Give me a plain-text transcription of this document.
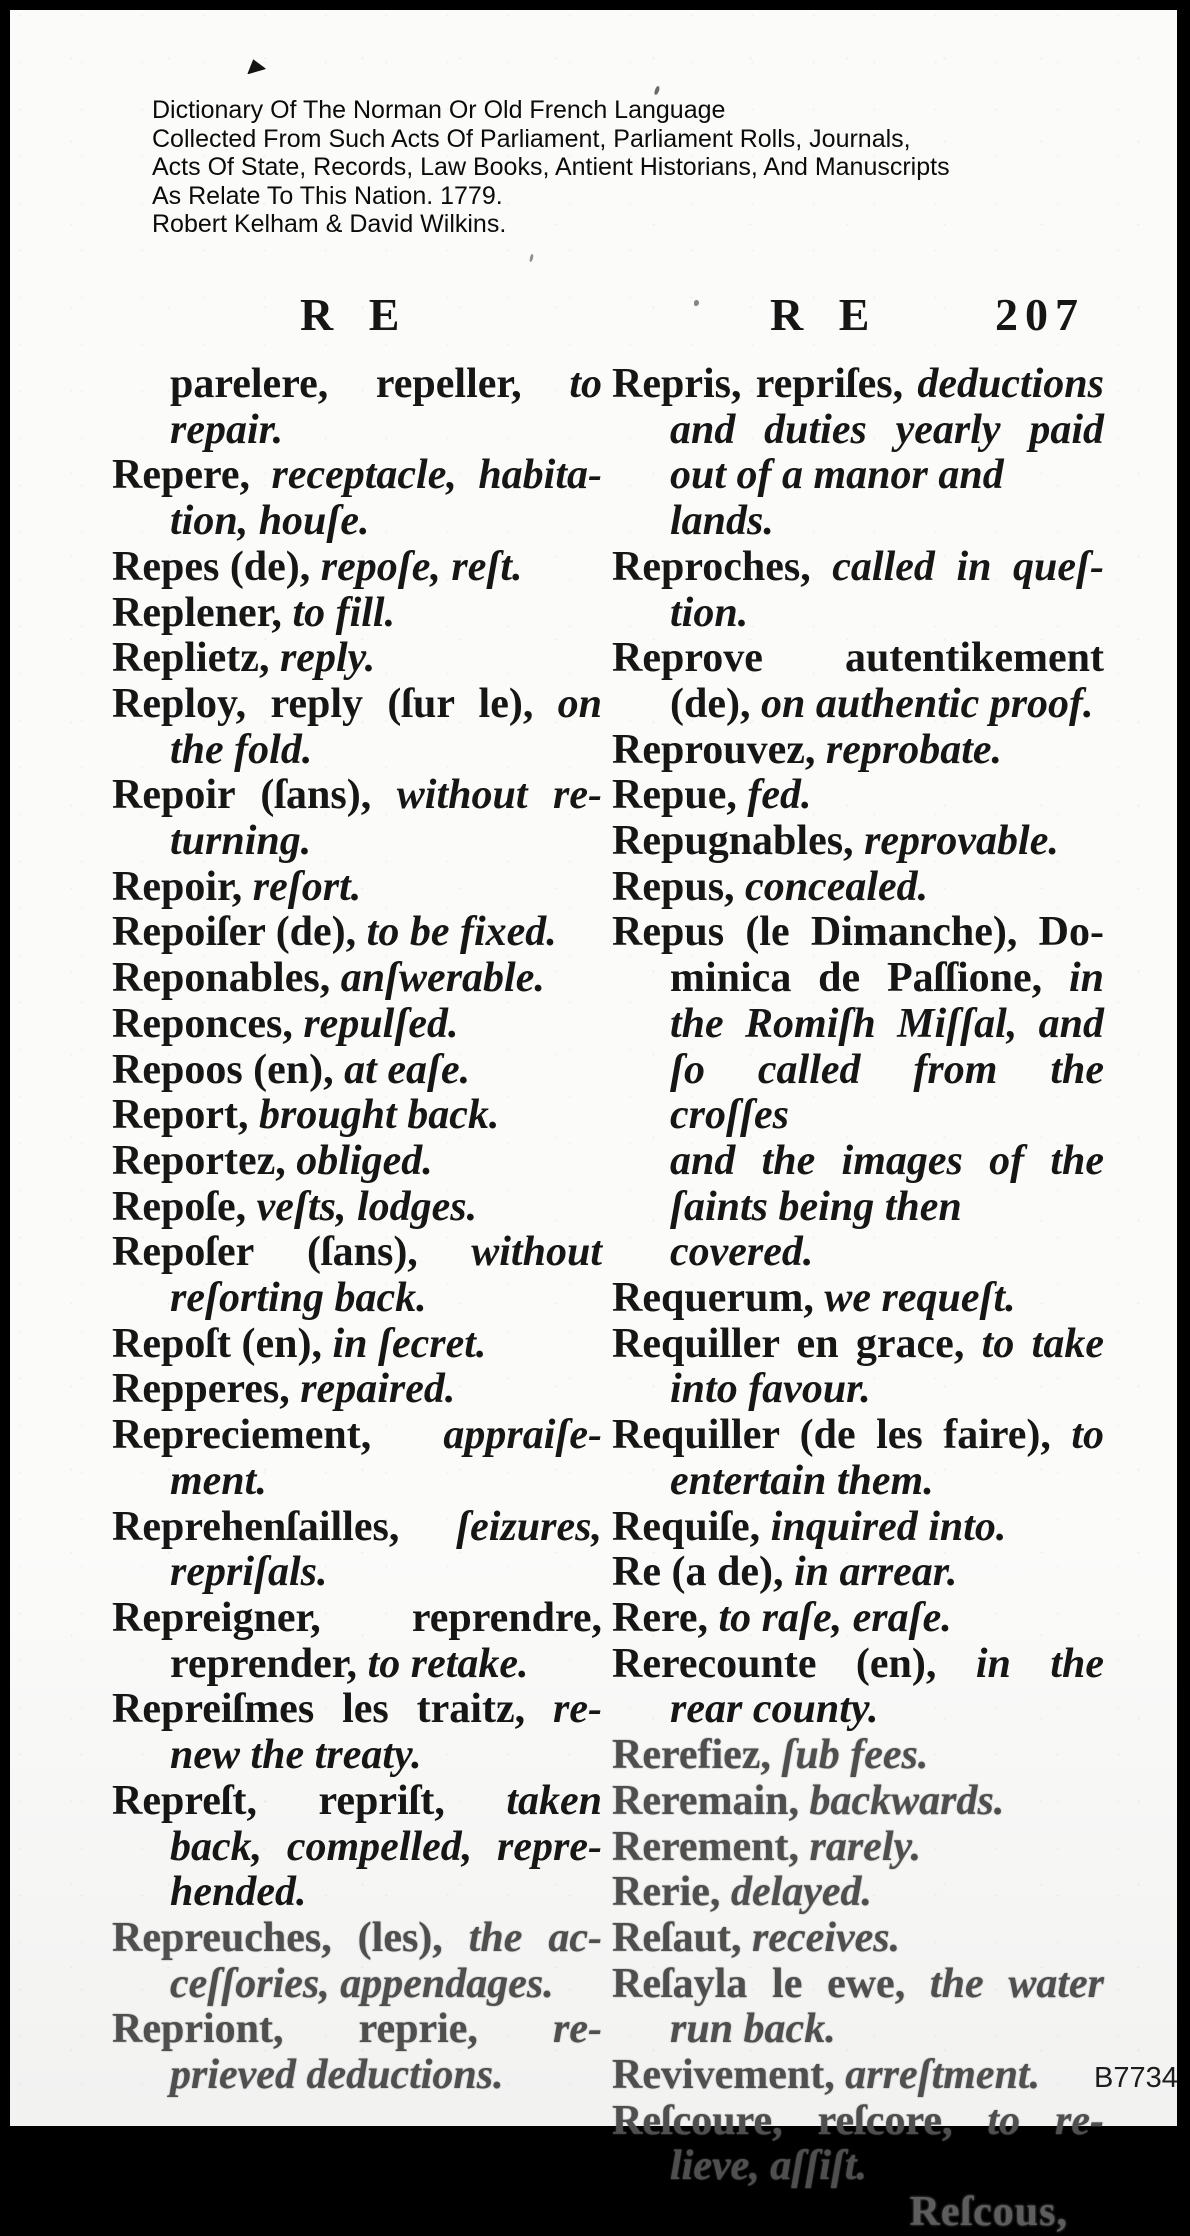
Dictionary Of The Norman Or Old French Language
Collected From Such Acts Of Parliament, Parliament Rolls, Journals,
Acts Of State, Records, Law Books, Antient Historians, And Manuscripts
As Relate To This Nation. 1779.
Robert Kelham & David Wilkins.
R E	R E	207
parelere, repeller, to
repair.
Repere, receptacle, habita-
tion, houſe.
Repes (de), repoſe, reſt.
Replener, to fill.
Replietz, reply.
Reploy, reply (ſur le), on
the fold.
Repoir (ſans), without re-
turning.
Repoir, reſort.
Repoiſer (de), to be fixed.
Reponables, anſwerable.
Reponces, repulſed.
Repoos (en), at eaſe.
Report, brought back.
Reportez, obliged.
Repoſe, veſts, lodges.
Repoſer (ſans), without
reſorting back.
Repoſt (en), in ſecret.
Repperes, repaired.
Repreciement, appraiſe-
ment.
Reprehenſailles, ſeizures,
repriſals.
Repreigner, reprendre,
reprender, to retake.
Repreiſmes les traitz, re-
new the treaty.
Repreſt, repriſt, taken
back, compelled, repre-
hended.
Repreuches, (les), the ac-
ceſſories, appendages.
Repriont, reprie, re-
prieved deductions.
Repris, repriſes, deductions
and duties yearly paid
out of a manor and lands.
Reproches, called in queſ-
tion.
Reprove autentikement
(de), on authentic proof.
Reprouvez, reprobate.
Repue, fed.
Repugnables, reprovable.
Repus, concealed.
Repus (le Dimanche), Do-
minica de Paſſione, in
the Romiſh Miſſal, and
ſo called from the croſſes
and the images of the
ſaints being then covered.
Requerum, we requeſt.
Requiller en grace, to take
into favour.
Requiller (de les faire), to
entertain them.
Requiſe, inquired into.
Re (a de), in arrear.
Rere, to raſe, eraſe.
Rerecounte (en), in the
rear county.
Rerefiez, ſub fees.
Reremain, backwards.
Rerement, rarely.
Rerie, delayed.
Reſaut, receives.
Reſayla le ewe, the water
run back.
Revivement, arreſtment.
Reſcoure, reſcore, to re-
lieve, aſſiſt.
Reſcous,
B7734
